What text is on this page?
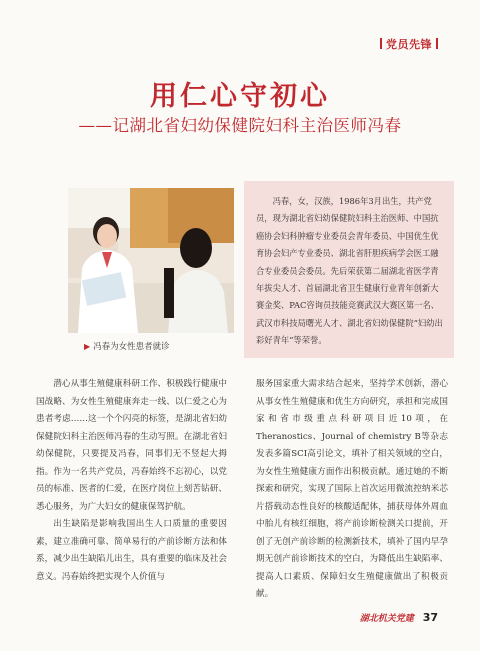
党员先锋
用仁心守初心
——记湖北省妇幼保健院妇科主治医师冯春
▶ 冯春为女性患者就诊

冯春，女，汉族，1986年3月出生，共产党员，现为湖北省妇幼保健院妇科主治医师、中国抗癌协会妇科肿瘤专业委员会青年委员、中国优生优育协会妇产专业委员、湖北省肝胆疾病学会医工融合专业委员会委员。先后荣获第二届湖北省医学青年拔尖人才、首届湖北省卫生健康行业青年创新大赛金奖、PAC咨询员技能竞赛武汉大赛区第一名、武汉市科技局曙光人才、湖北省妇幼保健院“妇幼出彩好青年”等荣誉。

潜心从事生殖健康科研工作、积极践行健康中国战略、为女性生殖健康奔走一线、以仁爱之心为患者考虑……这一个个闪亮的标签，是湖北省妇幼保健院妇科主治医师冯春的生动写照。在湖北省妇幼保健院，只要提及冯春，同事们无不竖起大拇指。作为一名共产党员，冯春始终不忘初心，以党员的标准、医者的仁爱，在医疗岗位上刻苦钻研、悉心服务，为广大妇女的健康保驾护航。

出生缺陷是影响我国出生人口质量的重要因素，建立准确可靠、简单易行的产前诊断方法和体系，减少出生缺陷儿出生，具有重要的临床及社会意义。冯春始终把实现个人价值与

服务国家重大需求结合起来，坚持学术创新，潜心从事女性生殖健康和优生方向研究，承担和完成国家和省市级重点科研项目近10项，在Theranostics、Journal of chemistry B等杂志发表多篇SCI高引论文，填补了相关领域的空白，为女性生殖健康方面作出积极贡献。通过她的不断探索和研究，实现了国际上首次运用微流控纳米芯片搭载动态性良好的核酸适配体，捕获母体外周血中胎儿有核红细胞，将产前诊断检测关口提前，开创了无创产前诊断的检测新技术，填补了国内早孕期无创产前诊断技术的空白，为降低出生缺陷率、提高人口素质、保障妇女生殖健康做出了积极贡献。

湖北机关党建 37
